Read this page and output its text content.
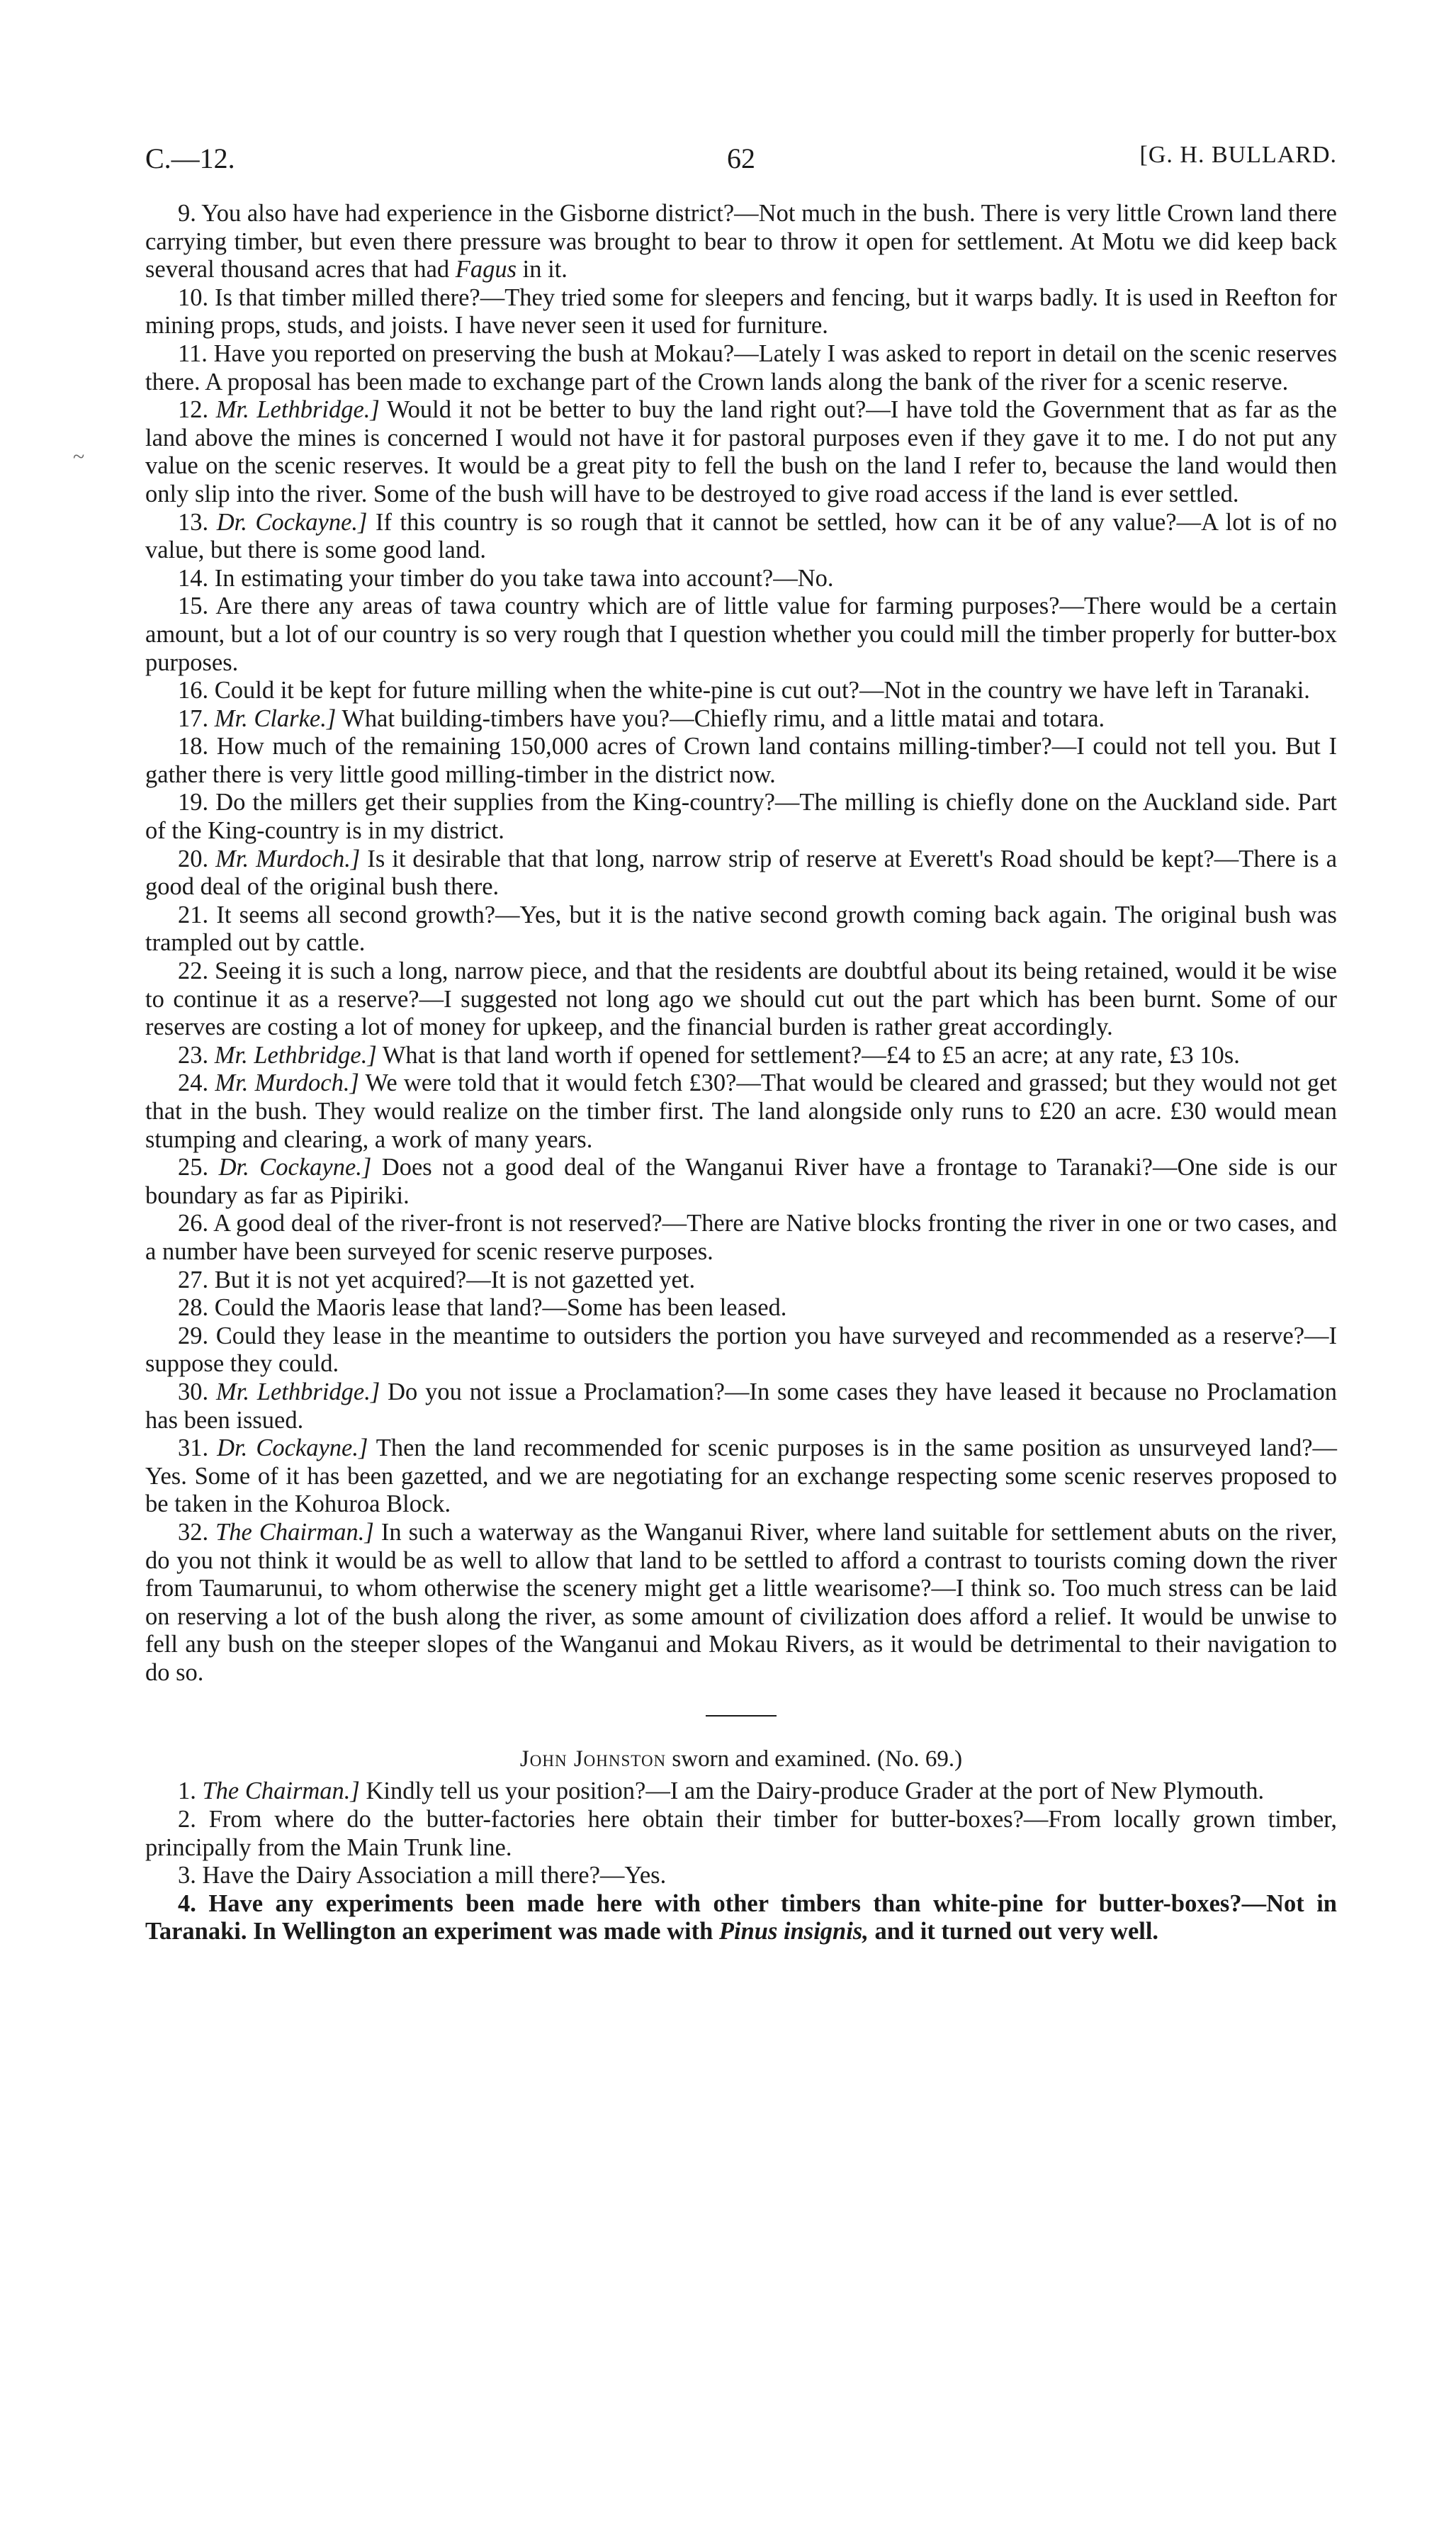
~
C.—12.	62	[G. H. BULLARD.

9. You also have had experience in the Gisborne district?—Not much in the bush. There is very little Crown land there carrying timber, but even there pressure was brought to bear to throw it open for settlement. At Motu we did keep back several thousand acres that had Fagus in it.

10. Is that timber milled there?—They tried some for sleepers and fencing, but it warps badly. It is used in Reefton for mining props, studs, and joists. I have never seen it used for furniture.

11. Have you reported on preserving the bush at Mokau?—Lately I was asked to report in detail on the scenic reserves there. A proposal has been made to exchange part of the Crown lands along the bank of the river for a scenic reserve.

12. Mr. Lethbridge.] Would it not be better to buy the land right out?—I have told the Government that as far as the land above the mines is concerned I would not have it for pastoral purposes even if they gave it to me. I do not put any value on the scenic reserves. It would be a great pity to fell the bush on the land I refer to, because the land would then only slip into the river. Some of the bush will have to be destroyed to give road access if the land is ever settled.

13. Dr. Cockayne.] If this country is so rough that it cannot be settled, how can it be of any value?—A lot is of no value, but there is some good land.

14. In estimating your timber do you take tawa into account?—No.

15. Are there any areas of tawa country which are of little value for farming purposes?—There would be a certain amount, but a lot of our country is so very rough that I question whether you could mill the timber properly for butter-box purposes.

16. Could it be kept for future milling when the white-pine is cut out?—Not in the country we have left in Taranaki.

17. Mr. Clarke.] What building-timbers have you?—Chiefly rimu, and a little matai and totara.

18. How much of the remaining 150,000 acres of Crown land contains milling-timber?—I could not tell you. But I gather there is very little good milling-timber in the district now.

19. Do the millers get their supplies from the King-country?—The milling is chiefly done on the Auckland side. Part of the King-country is in my district.

20. Mr. Murdoch.] Is it desirable that that long, narrow strip of reserve at Everett's Road should be kept?—There is a good deal of the original bush there.

21. It seems all second growth?—Yes, but it is the native second growth coming back again. The original bush was trampled out by cattle.

22. Seeing it is such a long, narrow piece, and that the residents are doubtful about its being retained, would it be wise to continue it as a reserve?—I suggested not long ago we should cut out the part which has been burnt. Some of our reserves are costing a lot of money for upkeep, and the financial burden is rather great accordingly.

23. Mr. Lethbridge.] What is that land worth if opened for settlement?—£4 to £5 an acre; at any rate, £3 10s.

24. Mr. Murdoch.] We were told that it would fetch £30?—That would be cleared and grassed; but they would not get that in the bush. They would realize on the timber first. The land alongside only runs to £20 an acre. £30 would mean stumping and clearing, a work of many years.

25. Dr. Cockayne.] Does not a good deal of the Wanganui River have a frontage to Taranaki?—One side is our boundary as far as Pipiriki.

26. A good deal of the river-front is not reserved?—There are Native blocks fronting the river in one or two cases, and a number have been surveyed for scenic reserve purposes.

27. But it is not yet acquired?—It is not gazetted yet.

28. Could the Maoris lease that land?—Some has been leased.

29. Could they lease in the meantime to outsiders the portion you have surveyed and recommended as a reserve?—I suppose they could.

30. Mr. Lethbridge.] Do you not issue a Proclamation?—In some cases they have leased it because no Proclamation has been issued.

31. Dr. Cockayne.] Then the land recommended for scenic purposes is in the same position as unsurveyed land?—Yes. Some of it has been gazetted, and we are negotiating for an exchange respecting some scenic reserves proposed to be taken in the Kohuroa Block.

32. The Chairman.] In such a waterway as the Wanganui River, where land suitable for settlement abuts on the river, do you not think it would be as well to allow that land to be settled to afford a contrast to tourists coming down the river from Taumarunui, to whom otherwise the scenery might get a little wearisome?—I think so. Too much stress can be laid on reserving a lot of the bush along the river, as some amount of civilization does afford a relief. It would be unwise to fell any bush on the steeper slopes of the Wanganui and Mokau Rivers, as it would be detrimental to their navigation to do so.

John Johnston sworn and examined. (No. 69.)

1. The Chairman.] Kindly tell us your position?—I am the Dairy-produce Grader at the port of New Plymouth.

2. From where do the butter-factories here obtain their timber for butter-boxes?—From locally grown timber, principally from the Main Trunk line.

3. Have the Dairy Association a mill there?—Yes.

4. Have any experiments been made here with other timbers than white-pine for butter-boxes?—Not in Taranaki. In Wellington an experiment was made with Pinus insignis, and it turned out very well.
